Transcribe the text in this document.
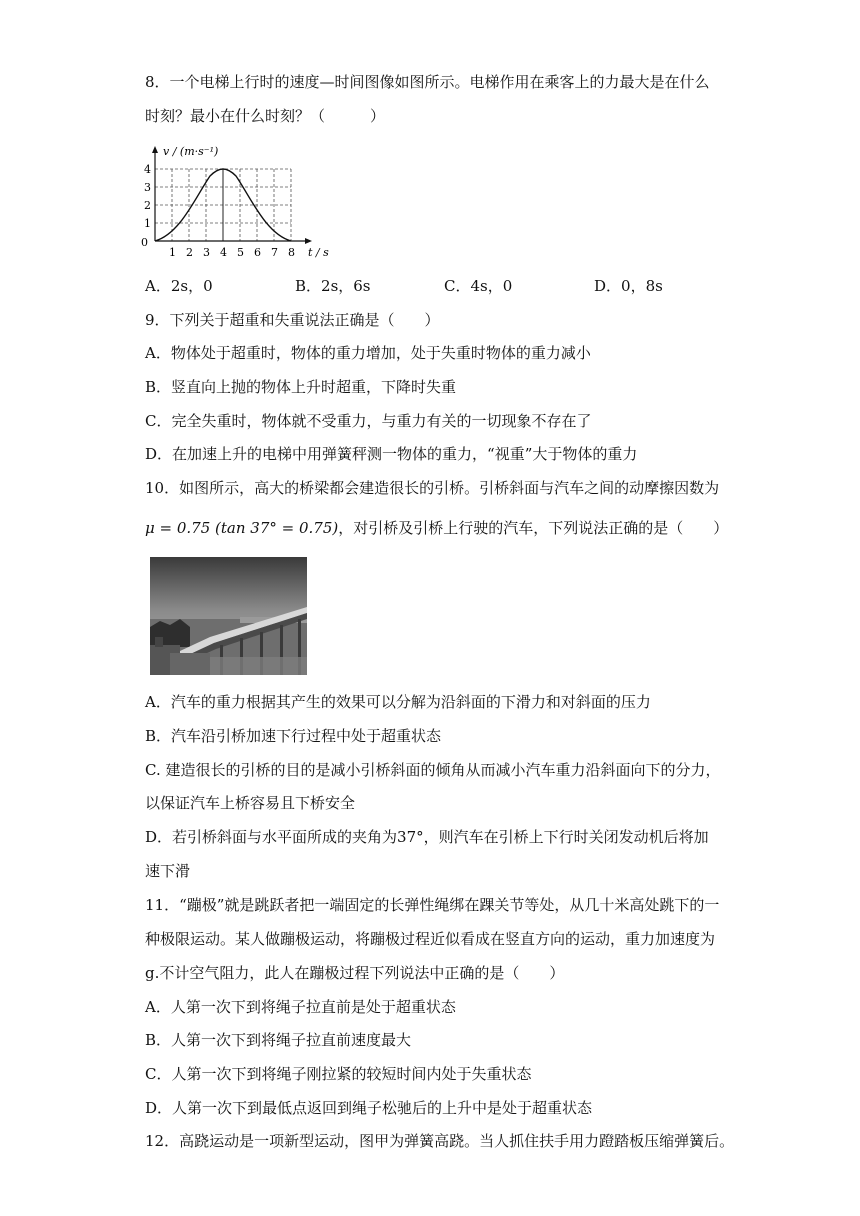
8．一个电梯上行时的速度—时间图像如图所示。电梯作用在乘客上的力最大是在什么
时刻？最小在什么时刻？（　　　）
v / (m·s⁻¹)
0
1
2
3
4
1 2 3 4 5 6 7 8 t / s
A．2s，0	B．2s，6s	C．4s，0	D．0，8s
9．下列关于超重和失重说法正确是（　　）
A．物体处于超重时，物体的重力增加，处于失重时物体的重力减小
B．竖直向上抛的物体上升时超重，下降时失重
C．完全失重时，物体就不受重力，与重力有关的一切现象不存在了
D．在加速上升的电梯中用弹簧秤测一物体的重力，“视重”大于物体的重力
10．如图所示，高大的桥梁都会建造很长的引桥。引桥斜面与汽车之间的动摩擦因数为
μ = 0.75 (tan 37° = 0.75)，对引桥及引桥上行驶的汽车，下列说法正确的是（　　）
A．汽车的重力根据其产生的效果可以分解为沿斜面的下滑力和对斜面的压力
B．汽车沿引桥加速下行过程中处于超重状态
C. 建造很长的引桥的目的是减小引桥斜面的倾角从而减小汽车重力沿斜面向下的分力，
以保证汽车上桥容易且下桥安全
D．若引桥斜面与水平面所成的夹角为37°，则汽车在引桥上下行时关闭发动机后将加
速下滑
11．“蹦极”就是跳跃者把一端固定的长弹性绳绑在踝关节等处，从几十米高处跳下的一
种极限运动。某人做蹦极运动，将蹦极过程近似看成在竖直方向的运动，重力加速度为
g.不计空气阻力，此人在蹦极过程下列说法中正确的是（　　）
A．人第一次下到将绳子拉直前是处于超重状态
B．人第一次下到将绳子拉直前速度最大
C．人第一次下到将绳子刚拉紧的较短时间内处于失重状态
D．人第一次下到最低点返回到绳子松驰后的上升中是处于超重状态
12．高跷运动是一项新型运动，图甲为弹簧高跷。当人抓住扶手用力蹬踏板压缩弹簧后。
